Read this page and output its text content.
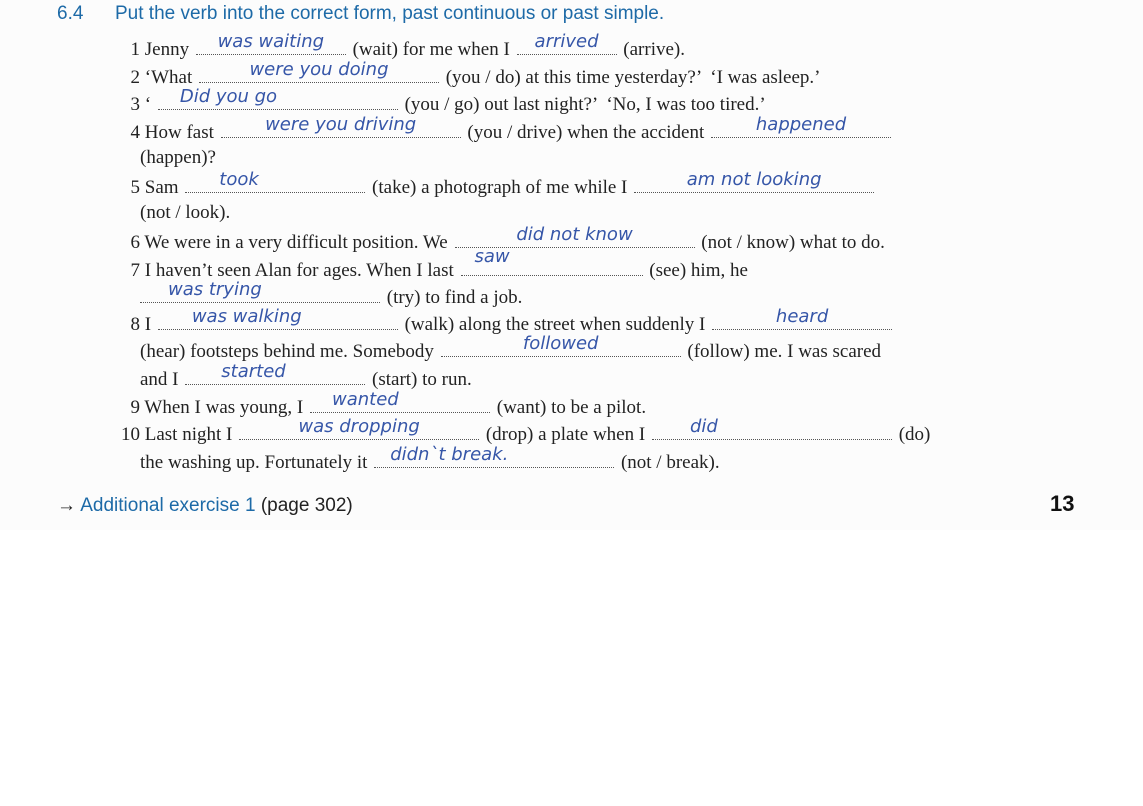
6.4 Put the verb into the correct form, past continuous or past simple.
1 Jenny	was waiting	(wait) for me when I	arrived	(arrive).
2 ‘What	were you doing	(you / do) at this time yesterday?’  ‘I was asleep.’
3 ‘	Did you go	(you / go) out last night?’  ‘No, I was too tired.’
4 How fast	were you driving	(you / drive) when the accident	happened
(happen)?
5 Sam	took	(take) a photograph of me while I	am not looking
(not / look).
6 We were in a very difficult position. We	did not know	(not / know) what to do.
7 I haven’t seen Alan for ages. When I last
saw
(see) him, he
was trying	(try) to find a job.
8 I	was walking	(walk) along the street when suddenly I	heard
(hear) footsteps behind me. Somebody	followed	(follow) me. I was scared
and I	started	(start) to run.
9 When I was young, I	wanted	(want) to be a pilot.
10 Last night I	was dropping	(drop) a plate when I	did	(do)
the washing up. Fortunately it	didn`t break.	(not / break).
→ Additional exercise 1 (page 302)	13
